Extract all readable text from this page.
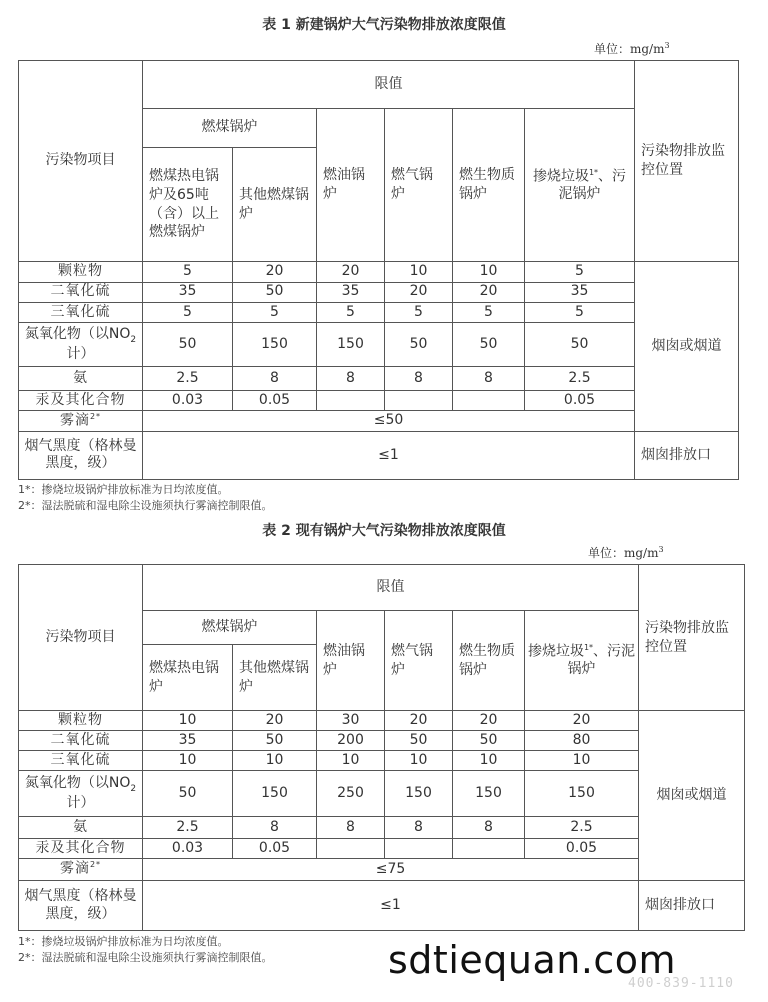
表 1 新建锅炉大气污染物排放浓度限值
单位：$mg/m^3$
污染物项目	限值						污染物排放监控位置
	燃煤锅炉		燃油锅炉	燃气锅炉	燃生物质锅炉	掺烧垃圾$^{1*}$、污泥锅炉	
	燃煤热电锅炉及65吨（含）以上燃煤锅炉	其他燃煤锅炉					
颗粒物	5	20	20	10	10	5	烟囱或烟道
二氧化硫	35	50	35	20	20	35	
三氧化硫	5	5	5	5	5	5	
氮氧化物（以$NO_2$计）	50	150	150	50	50	50	
氨	2.5	8	8	8	8	2.5	
汞及其化合物	0.03	0.05				0.05	
雾滴$^{2*}$	≤50						
烟气黑度（格林曼黑度，级）	≤1						烟囱排放口
1*：掺烧垃圾锅炉排放标准为日均浓度值。
2*：湿法脱硫和湿电除尘设施须执行雾滴控制限值。
表 2 现有锅炉大气污染物排放浓度限值
单位：$mg/m^3$
污染物项目	限值						污染物排放监控位置
	燃煤锅炉		燃油锅炉	燃气锅炉	燃生物质锅炉	掺烧垃圾$^{1*}$、污泥锅炉	
	燃煤热电锅炉	其他燃煤锅炉					
颗粒物	10	20	30	20	20	20	烟囱或烟道
二氧化硫	35	50	200	50	50	80	
三氧化硫	10	10	10	10	10	10	
氮氧化物（以$NO_2$计）	50	150	250	150	150	150	
氨	2.5	8	8	8	8	2.5	
汞及其化合物	0.03	0.05				0.05	
雾滴$^{2*}$	≤75						
烟气黑度（格林曼黑度，级）	≤1						烟囱排放口
1*：掺烧垃圾锅炉排放标准为日均浓度值。
2*：湿法脱硫和湿电除尘设施须执行雾滴控制限值。	sdtiequan.com
400-839-1110
